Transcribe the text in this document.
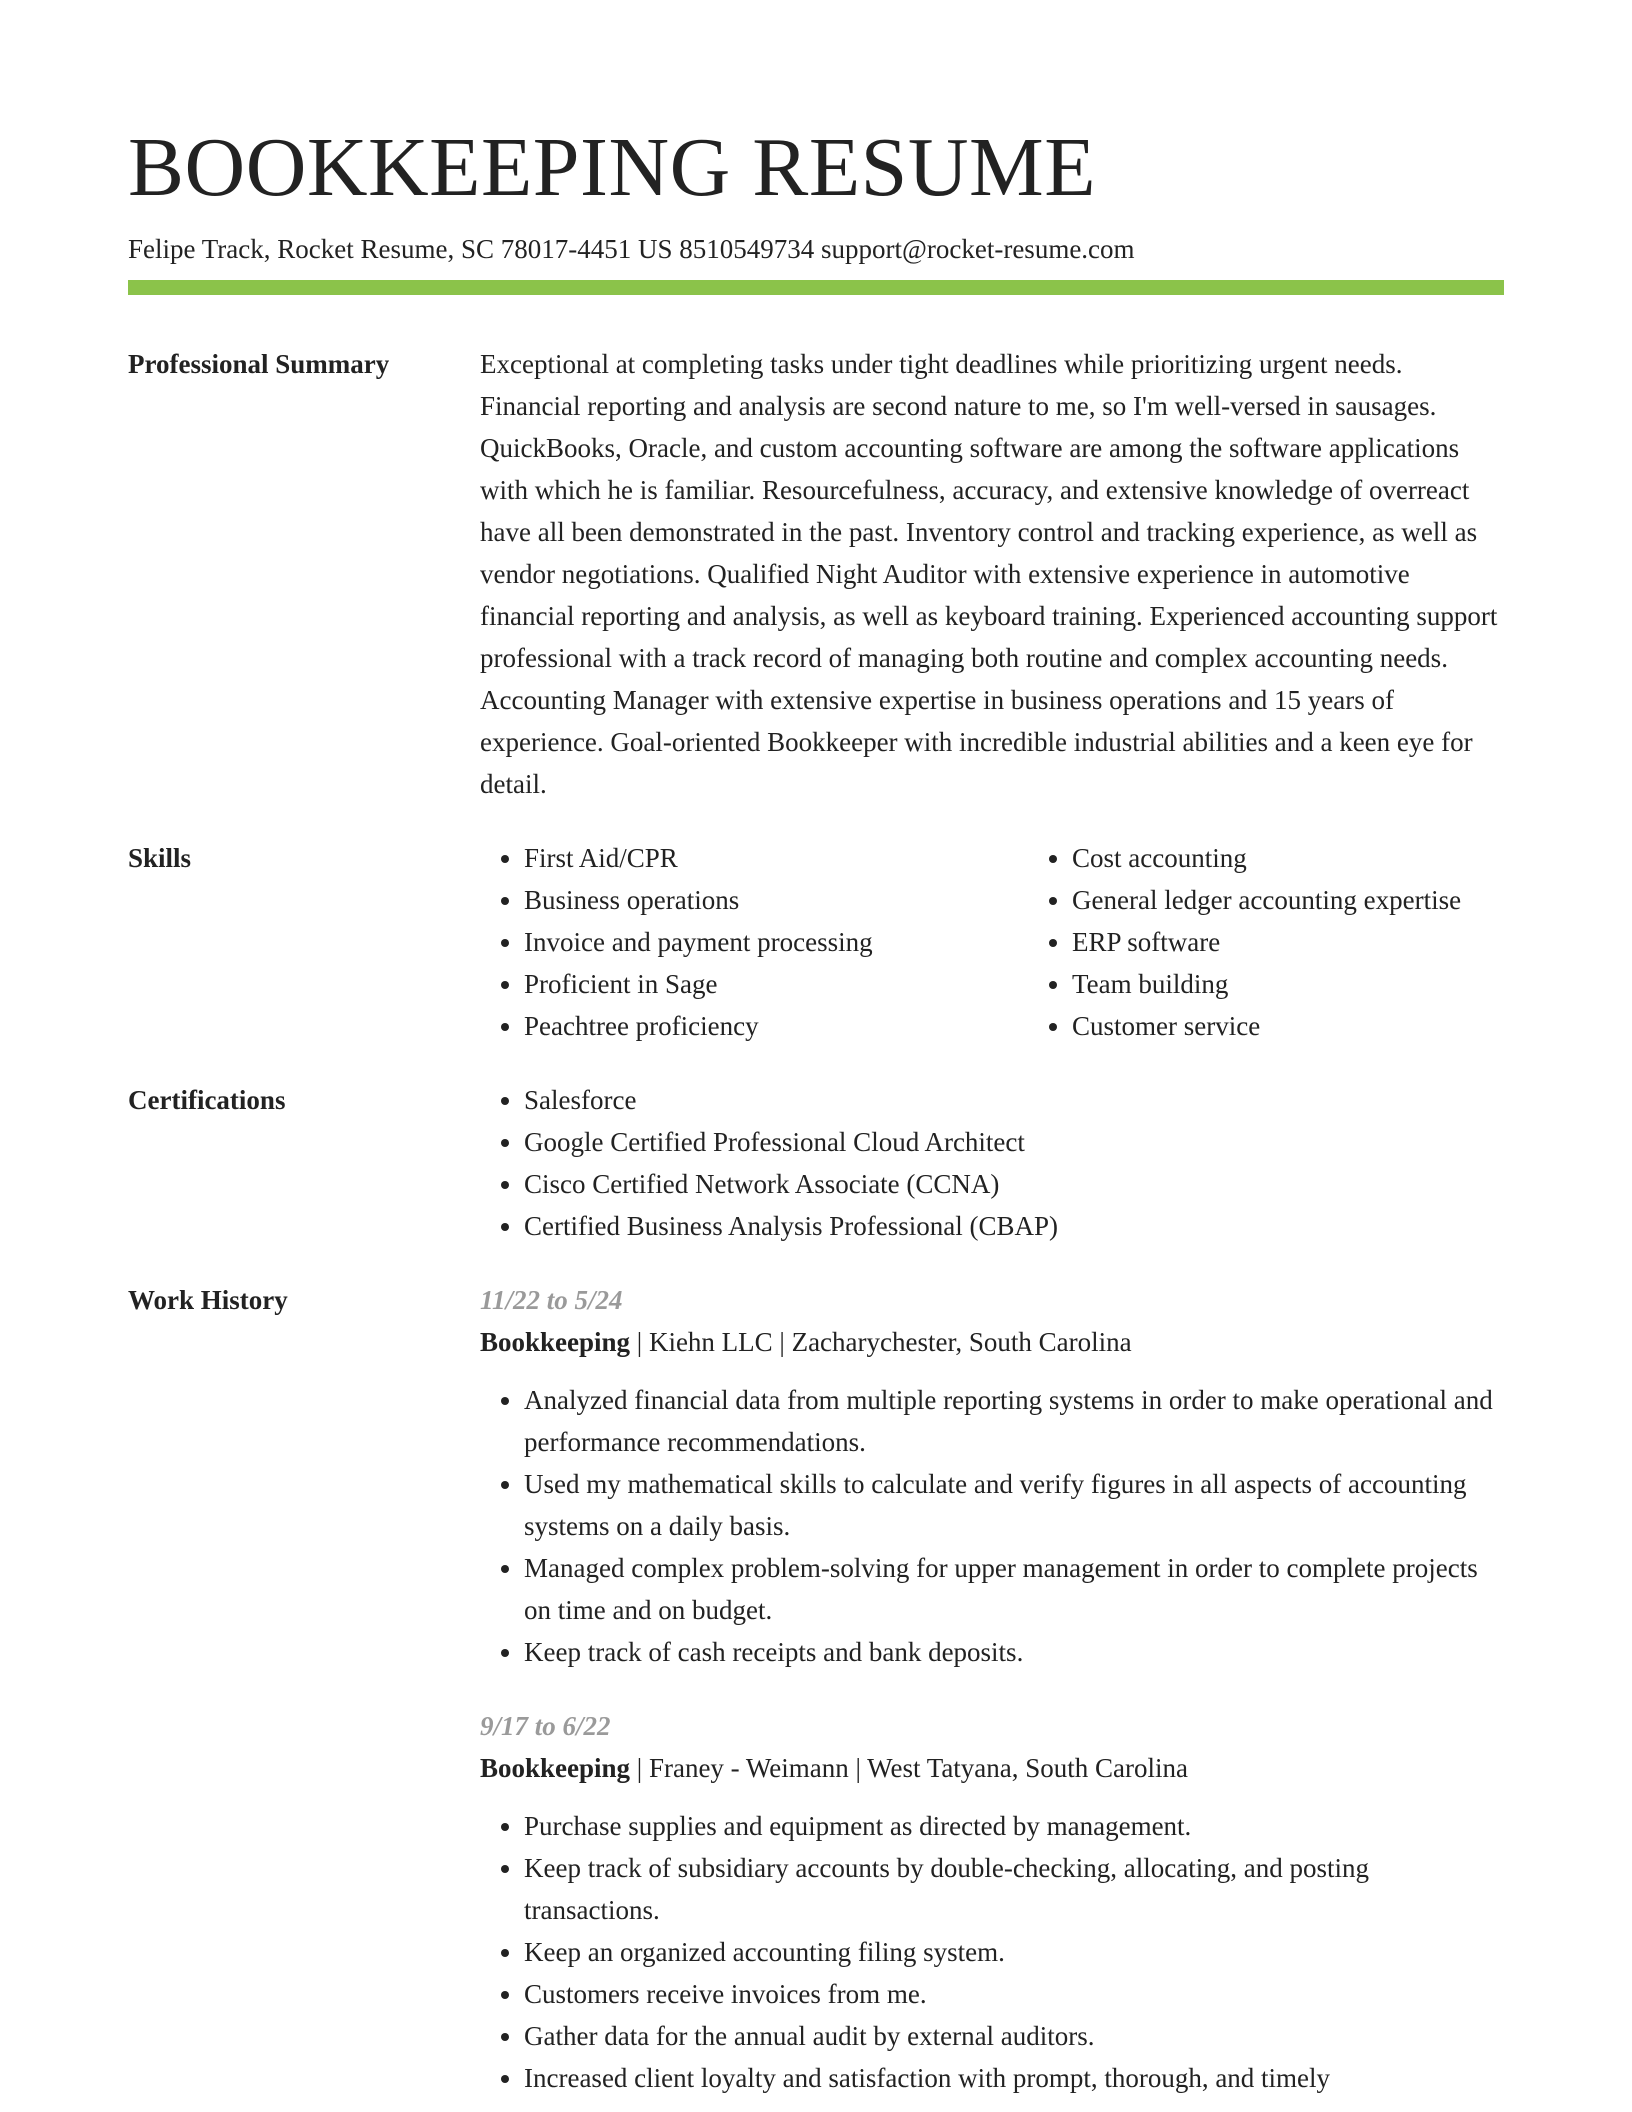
BOOKKEEPING RESUME
Felipe Track, Rocket Resume, SC 78017-4451 US 8510549734 support@rocket-resume.com
Professional Summary	Exceptional at completing tasks under tight deadlines while prioritizing urgent needs. Financial reporting and analysis are second nature to me, so I'm well-versed in sausages. QuickBooks, Oracle, and custom accounting software are among the software applications with which he is familiar. Resourcefulness, accuracy, and extensive knowledge of overreact have all been demonstrated in the past. Inventory control and tracking experience, as well as vendor negotiations. Qualified Night Auditor with extensive experience in automotive financial reporting and analysis, as well as keyboard training. Experienced accounting support professional with a track record of managing both routine and complex accounting needs. Accounting Manager with extensive expertise in business operations and 15 years of experience. Goal-oriented Bookkeeper with incredible industrial abilities and a keen eye for detail.
Skills	• First Aid/CPR
• Business operations
• Invoice and payment processing
• Proficient in Sage
• Peachtree proficiency
• Cost accounting
• General ledger accounting expertise
• ERP software
• Team building
• Customer service
Certifications	• Salesforce
• Google Certified Professional Cloud Architect
• Cisco Certified Network Associate (CCNA)
• Certified Business Analysis Professional (CBAP)
Work History	11/22 to 5/24
Bookkeeping | Kiehn LLC | Zacharychester, South Carolina
• Analyzed financial data from multiple reporting systems in order to make operational and performance recommendations.
• Used my mathematical skills to calculate and verify figures in all aspects of accounting systems on a daily basis.
• Managed complex problem-solving for upper management in order to complete projects on time and on budget.
• Keep track of cash receipts and bank deposits.
9/17 to 6/22
Bookkeeping | Franey - Weimann | West Tatyana, South Carolina
• Purchase supplies and equipment as directed by management.
• Keep track of subsidiary accounts by double-checking, allocating, and posting transactions.
• Keep an organized accounting filing system.
• Customers receive invoices from me.
• Gather data for the annual audit by external auditors.
• Increased client loyalty and satisfaction with prompt, thorough, and timely
